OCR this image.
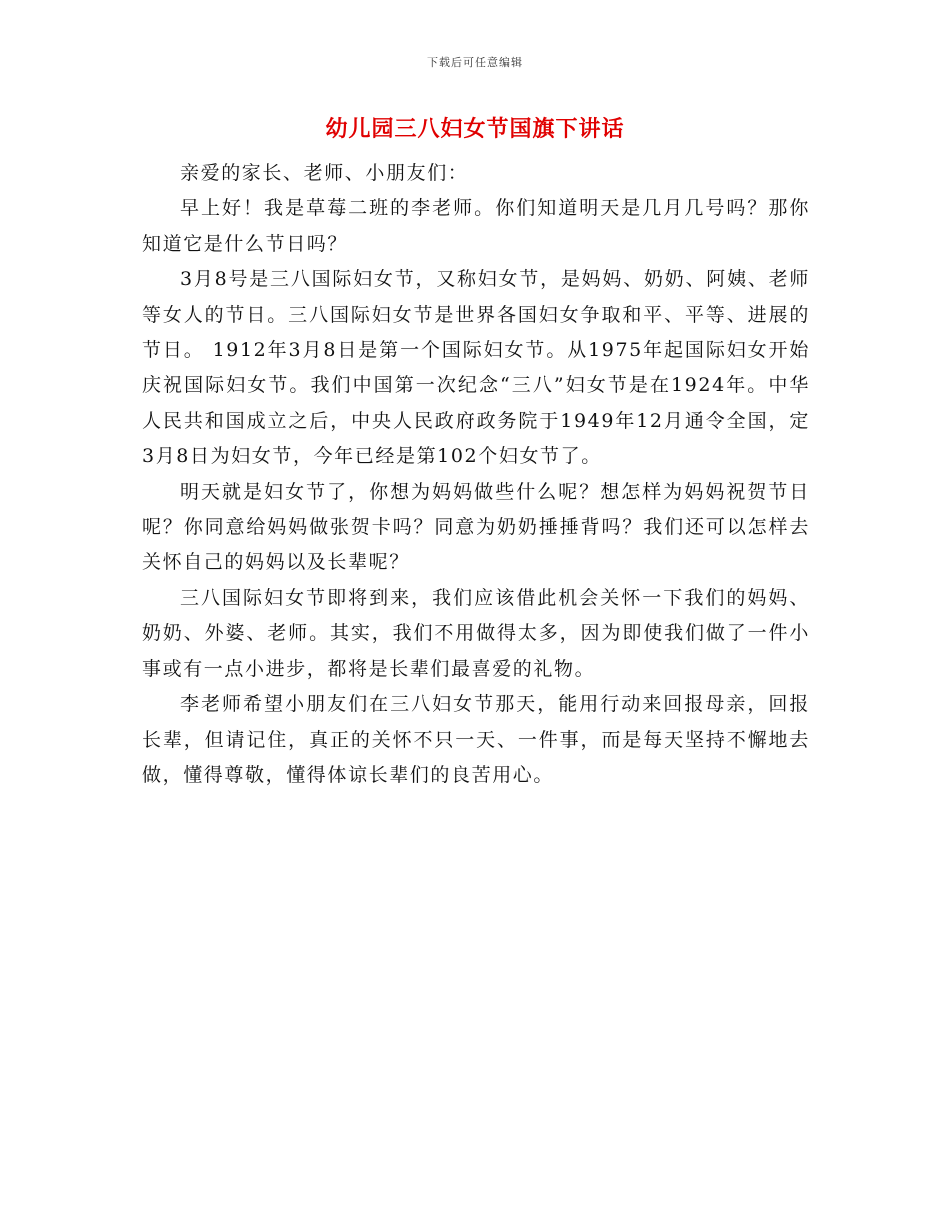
下载后可任意编辑
幼儿园三八妇女节国旗下讲话

亲爱的家长、老师、小朋友们：

早上好！我是草莓二班的李老师。你们知道明天是几月几号吗？那你知道它是什么节日吗？

3月8号是三八国际妇女节，又称妇女节，是妈妈、奶奶、阿姨、老师等女人的节日。三八国际妇女节是世界各国妇女争取和平、平等、进展的节日。 1912年3月8日是第一个国际妇女节。从1975年起国际妇女开始庆祝国际妇女节。我们中国第一次纪念“三八”妇女节是在1924年。中华人民共和国成立之后，中央人民政府政务院于1949年12月通令全国，定3月8日为妇女节，今年已经是第102个妇女节了。

明天就是妇女节了，你想为妈妈做些什么呢？想怎样为妈妈祝贺节日呢？你同意给妈妈做张贺卡吗？同意为奶奶捶捶背吗？我们还可以怎样去关怀自己的妈妈以及长辈呢？

三八国际妇女节即将到来，我们应该借此机会关怀一下我们的妈妈、奶奶、外婆、老师。其实，我们不用做得太多，因为即使我们做了一件小事或有一点小进步，都将是长辈们最喜爱的礼物。

李老师希望小朋友们在三八妇女节那天，能用行动来回报母亲，回报长辈，但请记住，真正的关怀不只一天、一件事，而是每天坚持不懈地去做，懂得尊敬，懂得体谅长辈们的良苦用心。
